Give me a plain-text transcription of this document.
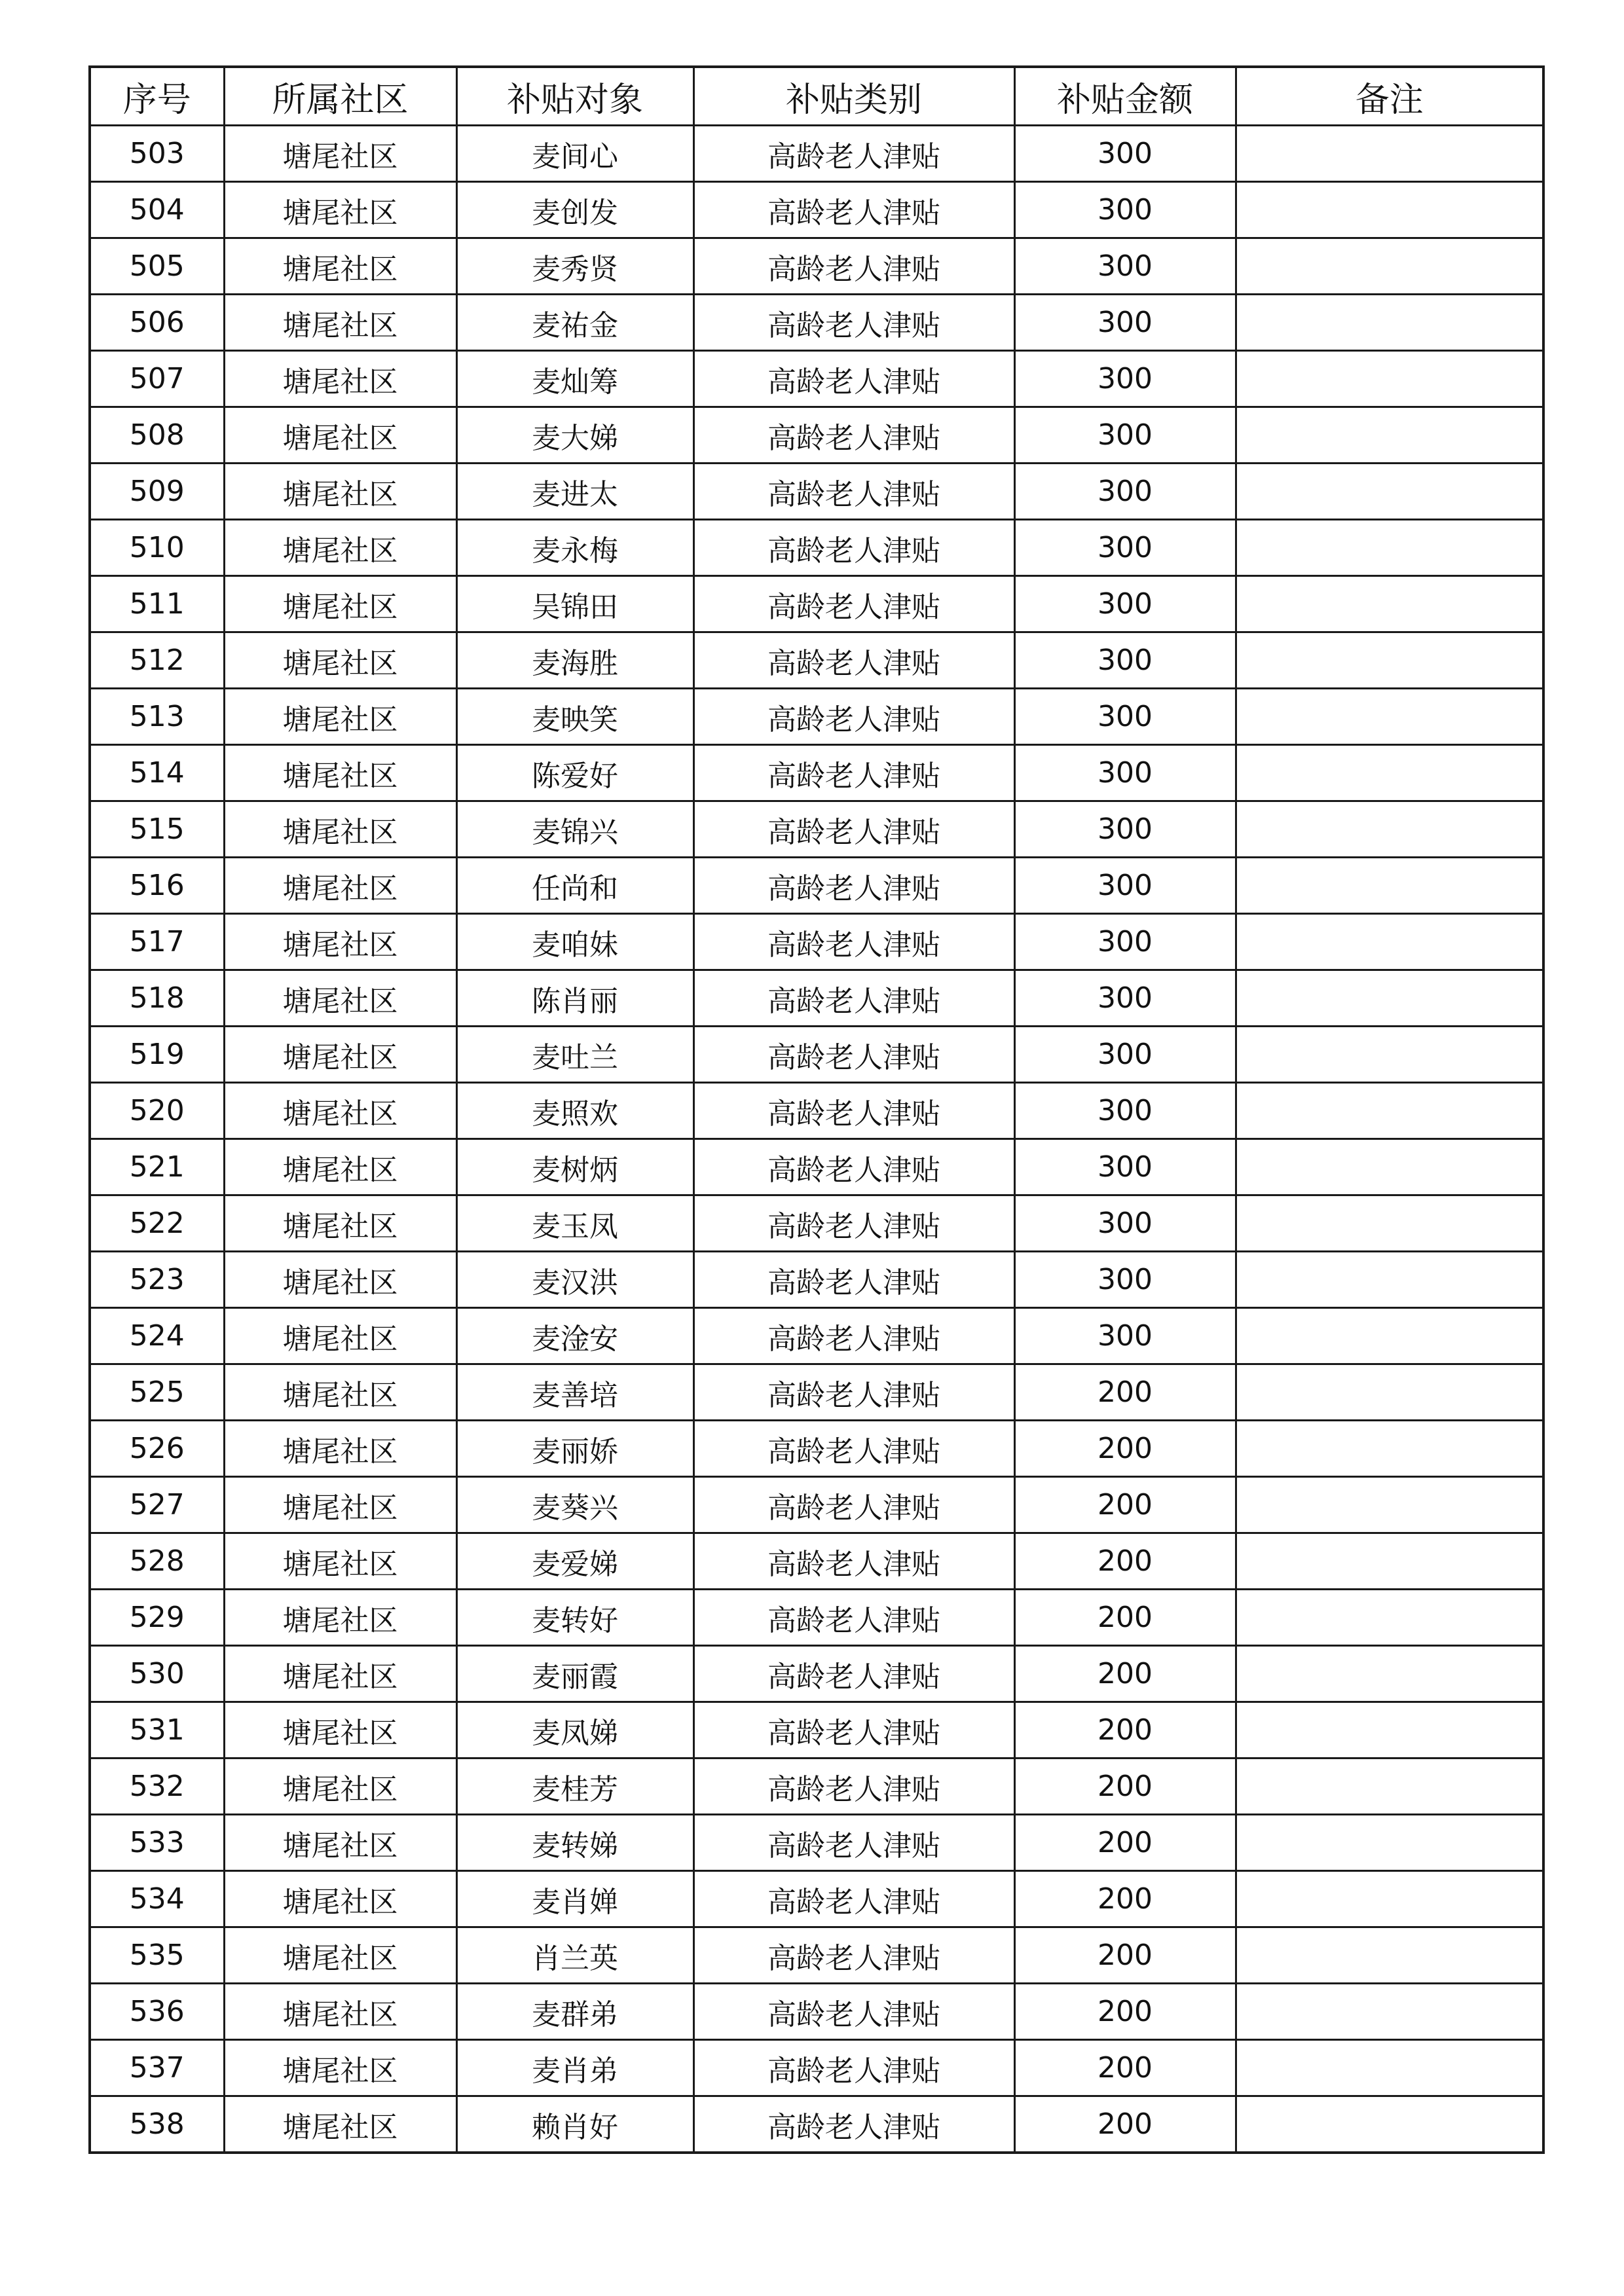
序号	所属社区	补贴对象	补贴类别	补贴金额	备注
503	塘尾社区	麦间心	高龄老人津贴	300	
504	塘尾社区	麦创发	高龄老人津贴	300	
505	塘尾社区	麦秀贤	高龄老人津贴	300	
506	塘尾社区	麦祐金	高龄老人津贴	300	
507	塘尾社区	麦灿筹	高龄老人津贴	300	
508	塘尾社区	麦大娣	高龄老人津贴	300	
509	塘尾社区	麦进太	高龄老人津贴	300	
510	塘尾社区	麦永梅	高龄老人津贴	300	
511	塘尾社区	吴锦田	高龄老人津贴	300	
512	塘尾社区	麦海胜	高龄老人津贴	300	
513	塘尾社区	麦映笑	高龄老人津贴	300	
514	塘尾社区	陈爱好	高龄老人津贴	300	
515	塘尾社区	麦锦兴	高龄老人津贴	300	
516	塘尾社区	任尚和	高龄老人津贴	300	
517	塘尾社区	麦咱妹	高龄老人津贴	300	
518	塘尾社区	陈肖丽	高龄老人津贴	300	
519	塘尾社区	麦吐兰	高龄老人津贴	300	
520	塘尾社区	麦照欢	高龄老人津贴	300	
521	塘尾社区	麦树炳	高龄老人津贴	300	
522	塘尾社区	麦玉凤	高龄老人津贴	300	
523	塘尾社区	麦汉洪	高龄老人津贴	300	
524	塘尾社区	麦淦安	高龄老人津贴	300	
525	塘尾社区	麦善培	高龄老人津贴	200	
526	塘尾社区	麦丽娇	高龄老人津贴	200	
527	塘尾社区	麦葵兴	高龄老人津贴	200	
528	塘尾社区	麦爱娣	高龄老人津贴	200	
529	塘尾社区	麦转好	高龄老人津贴	200	
530	塘尾社区	麦丽霞	高龄老人津贴	200	
531	塘尾社区	麦凤娣	高龄老人津贴	200	
532	塘尾社区	麦桂芳	高龄老人津贴	200	
533	塘尾社区	麦转娣	高龄老人津贴	200	
534	塘尾社区	麦肖婵	高龄老人津贴	200	
535	塘尾社区	肖兰英	高龄老人津贴	200	
536	塘尾社区	麦群弟	高龄老人津贴	200	
537	塘尾社区	麦肖弟	高龄老人津贴	200	
538	塘尾社区	赖肖好	高龄老人津贴	200	
